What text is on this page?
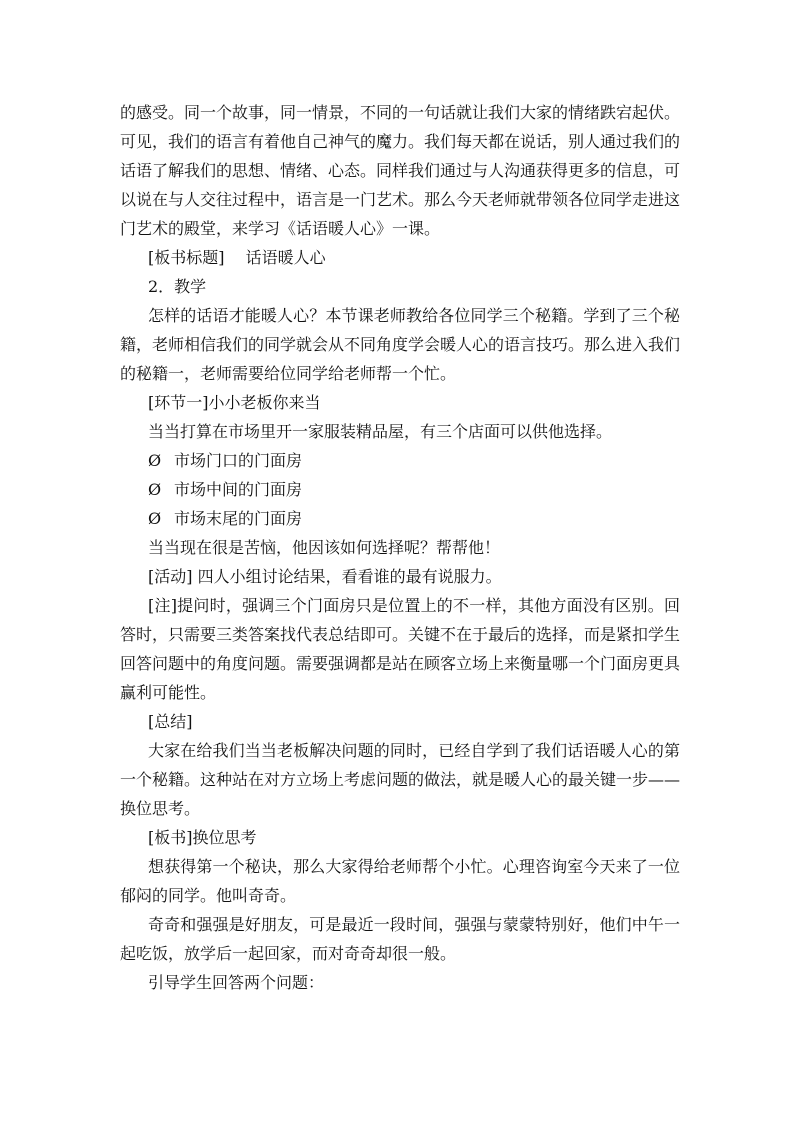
的感受。同一个故事，同一情景，不同的一句话就让我们大家的情绪跌宕起伏。可见，我们的语言有着他自己神气的魔力。我们每天都在说话，别人通过我们的话语了解我们的思想、情绪、心态。同样我们通过与人沟通获得更多的信息，可以说在与人交往过程中，语言是一门艺术。那么今天老师就带领各位同学走进这门艺术的殿堂，来学习《话语暖人心》一课。

[板书标题]　 话语暖人心

2．教学

怎样的话语才能暖人心？本节课老师教给各位同学三个秘籍。学到了三个秘籍，老师相信我们的同学就会从不同角度学会暖人心的语言技巧。那么进入我们的秘籍一，老师需要给位同学给老师帮一个忙。

[环节一]小小老板你来当

当当打算在市场里开一家服装精品屋，有三个店面可以供他选择。

Ø 市场门口的门面房

Ø 市场中间的门面房

Ø 市场末尾的门面房

当当现在很是苦恼，他因该如何选择呢？帮帮他！

[活动] 四人小组讨论结果，看看谁的最有说服力。

[注]提问时，强调三个门面房只是位置上的不一样，其他方面没有区别。回答时，只需要三类答案找代表总结即可。关键不在于最后的选择，而是紧扣学生回答问题中的角度问题。需要强调都是站在顾客立场上来衡量哪一个门面房更具赢利可能性。

[总结]

大家在给我们当当老板解决问题的同时，已经自学到了我们话语暖人心的第一个秘籍。这种站在对方立场上考虑问题的做法，就是暖人心的最关键一步——换位思考。

[板书]换位思考

想获得第一个秘诀，那么大家得给老师帮个小忙。心理咨询室今天来了一位郁闷的同学。他叫奇奇。

奇奇和强强是好朋友，可是最近一段时间，强强与蒙蒙特别好，他们中午一起吃饭，放学后一起回家，而对奇奇却很一般。

引导学生回答两个问题：
